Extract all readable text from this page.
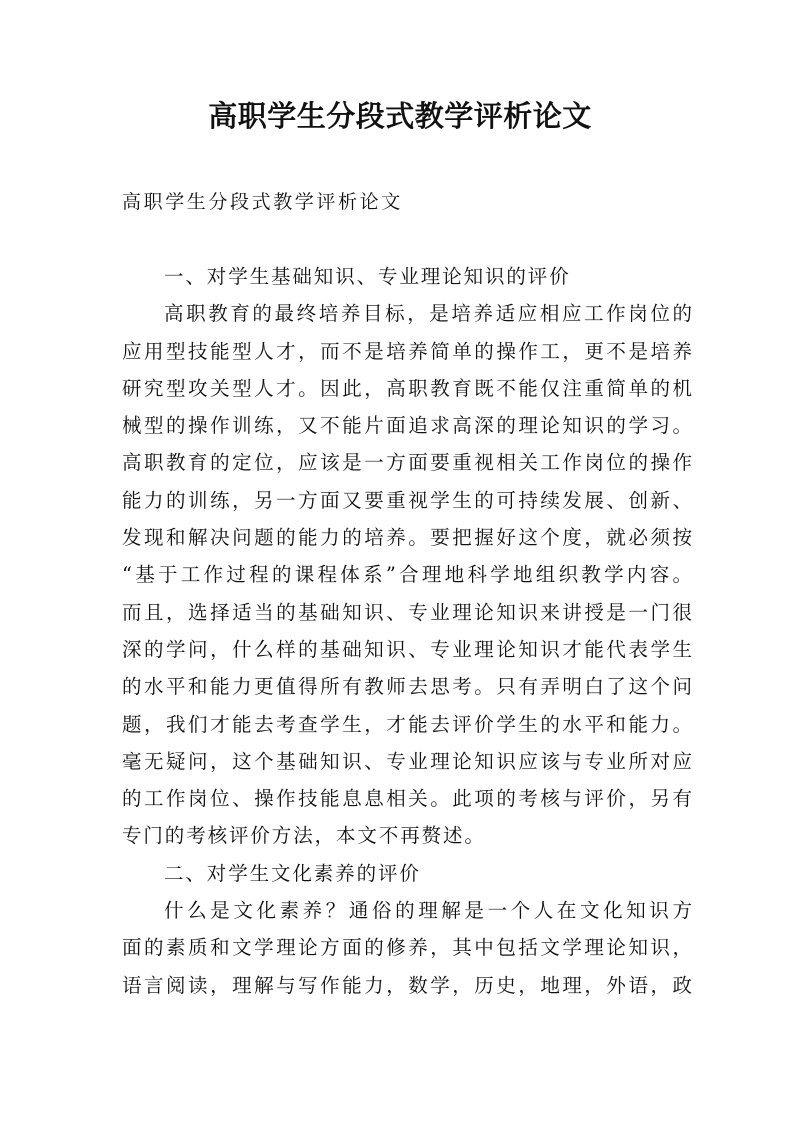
高职学生分段式教学评析论文

高职学生分段式教学评析论文

一、对学生基础知识、专业理论知识的评价
高职教育的最终培养目标，是培养适应相应工作岗位的
应用型技能型人才，而不是培养简单的操作工，更不是培养
研究型攻关型人才。因此，高职教育既不能仅注重简单的机
械型的操作训练，又不能片面追求高深的理论知识的学习。
高职教育的定位，应该是一方面要重视相关工作岗位的操作
能力的训练，另一方面又要重视学生的可持续发展、创新、
发现和解决问题的能力的培养。要把握好这个度，就必须按
“基于工作过程的课程体系”合理地科学地组织教学内容。
而且，选择适当的基础知识、专业理论知识来讲授是一门很
深的学问，什么样的基础知识、专业理论知识才能代表学生
的水平和能力更值得所有教师去思考。只有弄明白了这个问
题，我们才能去考查学生，才能去评价学生的水平和能力。
毫无疑问，这个基础知识、专业理论知识应该与专业所对应
的工作岗位、操作技能息息相关。此项的考核与评价，另有
专门的考核评价方法，本文不再赘述。
二、对学生文化素养的评价
什么是文化素养？通俗的理解是一个人在文化知识方
面的素质和文学理论方面的修养，其中包括文学理论知识，
语言阅读，理解与写作能力，数学，历史，地理，外语，政
